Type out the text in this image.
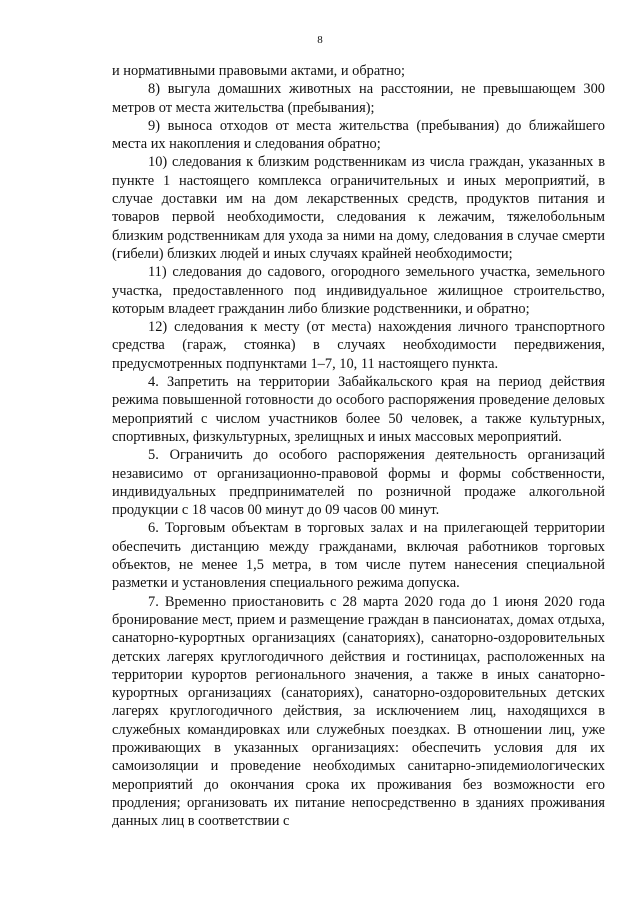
8

и нормативными правовыми актами, и обратно;

8) выгула домашних животных на расстоянии, не превышающем 300 метров от места жительства (пребывания);

9) выноса отходов от места жительства (пребывания) до ближайшего места их накопления и следования обратно;

10) следования к близким родственникам из числа граждан, указанных в пункте 1 настоящего комплекса ограничительных и иных мероприятий, в случае доставки им на дом лекарственных средств, продуктов питания и товаров первой необходимости, следования к лежачим, тяжелобольным близким родственникам для ухода за ними на дому, следования в случае смерти (гибели) близких людей и иных случаях крайней необходимости;

11) следования до садового, огородного земельного участка, земельного участка, предоставленного под индивидуальное жилищное строительство, которым владеет гражданин либо близкие родственники, и обратно;

12) следования к месту (от места) нахождения личного транспортного средства (гараж, стоянка) в случаях необходимости передвижения, предусмотренных подпунктами 1–7, 10, 11 настоящего пункта.

4. Запретить на территории Забайкальского края на период действия режима повышенной готовности до особого распоряжения проведение деловых мероприятий с числом участников более 50 человек, а также культурных, спортивных, физкультурных, зрелищных и иных массовых мероприятий.

5. Ограничить до особого распоряжения деятельность организаций независимо от организационно-правовой формы и формы собственности, индивидуальных предпринимателей по розничной продаже алкогольной продукции с 18 часов 00 минут до 09 часов 00 минут.

6. Торговым объектам в торговых залах и на прилегающей территории обеспечить дистанцию между гражданами, включая работников торговых объектов, не менее 1,5 метра, в том числе путем нанесения специальной разметки и установления специального режима допуска.

7. Временно приостановить с 28 марта 2020 года до 1 июня 2020 года бронирование мест, прием и размещение граждан в пансионатах, домах отдыха, санаторно-курортных организациях (санаториях), санаторно-оздоровительных детских лагерях круглогодичного действия и гостиницах, расположенных на территории курортов регионального значения, а также в иных санаторно-курортных организациях (санаториях), санаторно-оздоровительных детских лагерях круглогодичного действия, за исключением лиц, находящихся в служебных командировках или служебных поездках. В отношении лиц, уже проживающих в указанных организациях: обеспечить условия для их самоизоляции и проведение необходимых санитарно-эпидемиологических мероприятий до окончания срока их проживания без возможности его продления; организовать их питание непосредственно в зданиях проживания данных лиц в соответствии с
